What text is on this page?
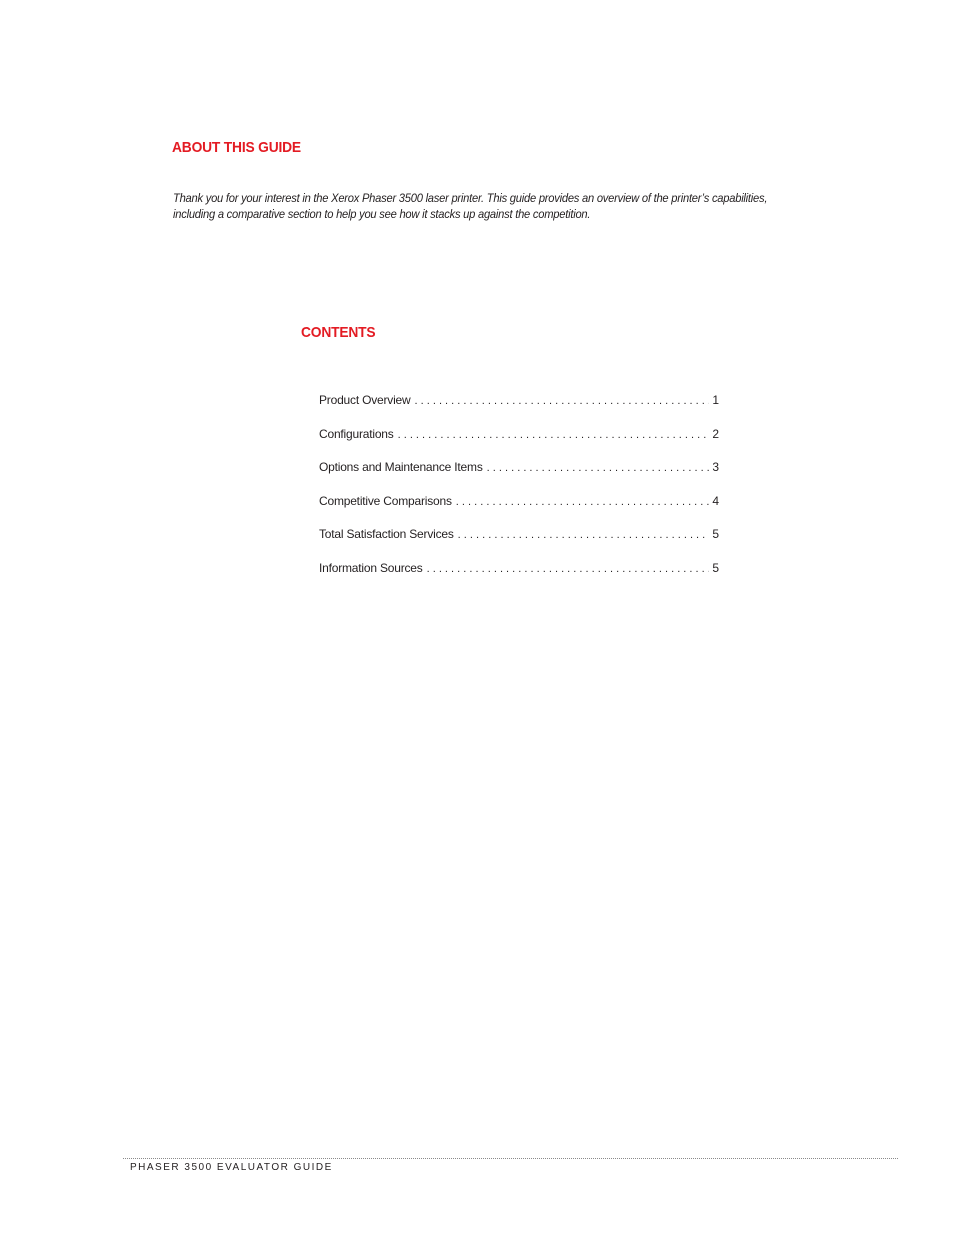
ABOUT THIS GUIDE

Thank you for your interest in the Xerox Phaser 3500 laser printer. This guide provides an overview of the printer’s capabilities, including a comparative section to help you see how it stacks up against the competition.

CONTENTS
Product Overview . . .	1
Configurations . . .	2
Options and Maintenance Items . . .	3
Competitive Comparisons . . .	4
Total Satisfaction Services . . .	5
Information Sources . . .	5

PHASER 3500 EVALUATOR GUIDE
